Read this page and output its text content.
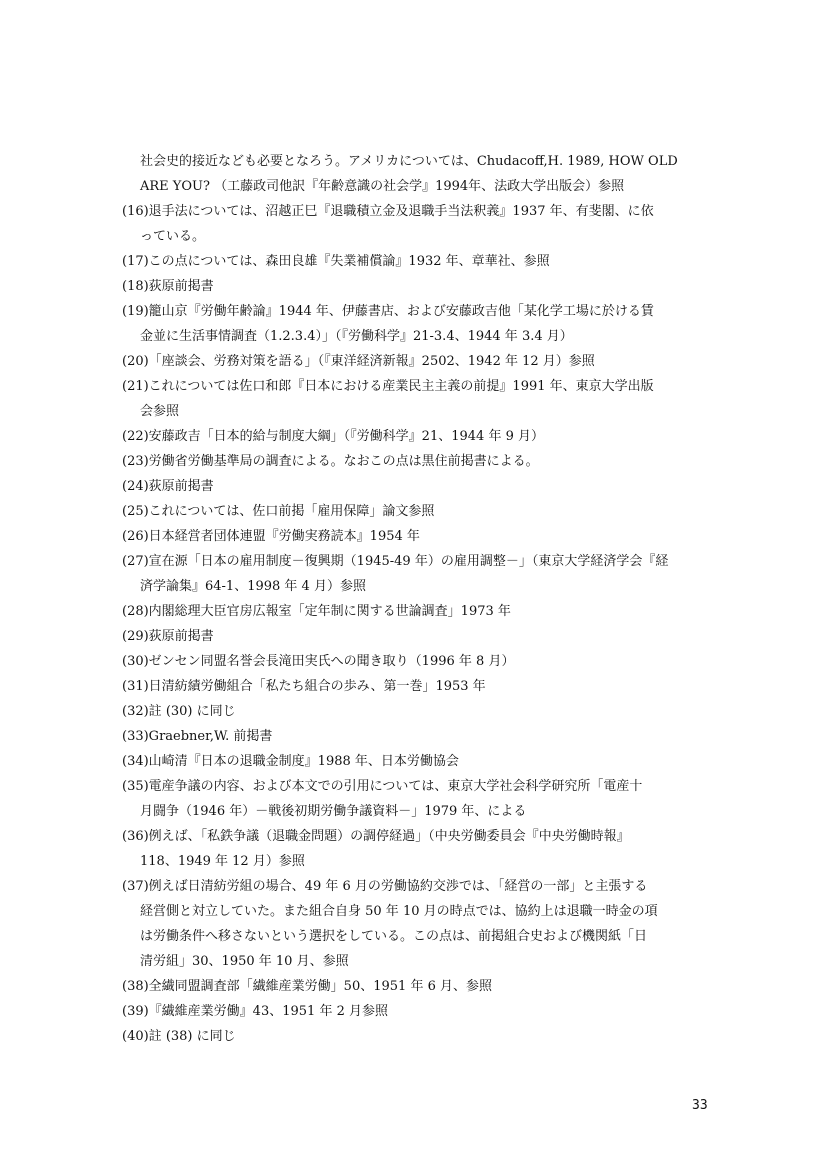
社会史的接近なども必要となろう。アメリカについては、Chudacoff,H. 1989, HOW OLD
ARE YOU? （工藤政司他訳『年齢意識の社会学』1994年、法政大学出版会）参照

(16)退手法については、沼越正巳『退職積立金及退職手当法釈義』1937 年、有斐閣、に依
っている。

(17)この点については、森田良雄『失業補償論』1932 年、章華社、参照

(18)荻原前掲書

(19)籠山京『労働年齢論』1944 年、伊藤書店、および安藤政吉他「某化学工場に於ける賃
金並に生活事情調査（1.2.3.4）」（『労働科学』21-3.4、1944 年 3.4 月）

(20)「座談会、労務対策を語る」（『東洋経済新報』2502、1942 年 12 月）参照

(21)これについては佐口和郎『日本における産業民主主義の前提』1991 年、東京大学出版
会参照

(22)安藤政吉「日本的給与制度大綱」（『労働科学』21、1944 年 9 月）

(23)労働省労働基準局の調査による。なおこの点は黒住前掲書による。

(24)荻原前掲書

(25)これについては、佐口前掲「雇用保障」論文参照

(26)日本経営者団体連盟『労働実務読本』1954 年

(27)宣在源「日本の雇用制度－復興期（1945-49 年）の雇用調整－」（東京大学経済学会『経
済学論集』64-1、1998 年 4 月）参照

(28)内閣総理大臣官房広報室「定年制に関する世論調査」1973 年

(29)荻原前掲書

(30)ゼンセン同盟名誉会長滝田実氏への聞き取り（1996 年 8 月）

(31)日清紡績労働組合「私たち組合の歩み、第一巻」1953 年

(32)註 (30) に同じ

(33)Graebner,W. 前掲書

(34)山崎清『日本の退職金制度』1988 年、日本労働協会

(35)電産争議の内容、および本文での引用については、東京大学社会科学研究所「電産十
月闘争（1946 年）－戦後初期労働争議資料－」1979 年、による

(36)例えば、「私鉄争議（退職金問題）の調停経過」（中央労働委員会『中央労働時報』
118、1949 年 12 月）参照

(37)例えば日清紡労組の場合、49 年 6 月の労働協約交渉では、「経営の一部」と主張する
経営側と対立していた。また組合自身 50 年 10 月の時点では、協約上は退職一時金の項
は労働条件へ移さないという選択をしている。この点は、前掲組合史および機関紙「日
清労組」30、1950 年 10 月、参照

(38)全繊同盟調査部「繊維産業労働」50、1951 年 6 月、参照

(39)『繊維産業労働』43、1951 年 2 月参照

(40)註 (38) に同じ

33
